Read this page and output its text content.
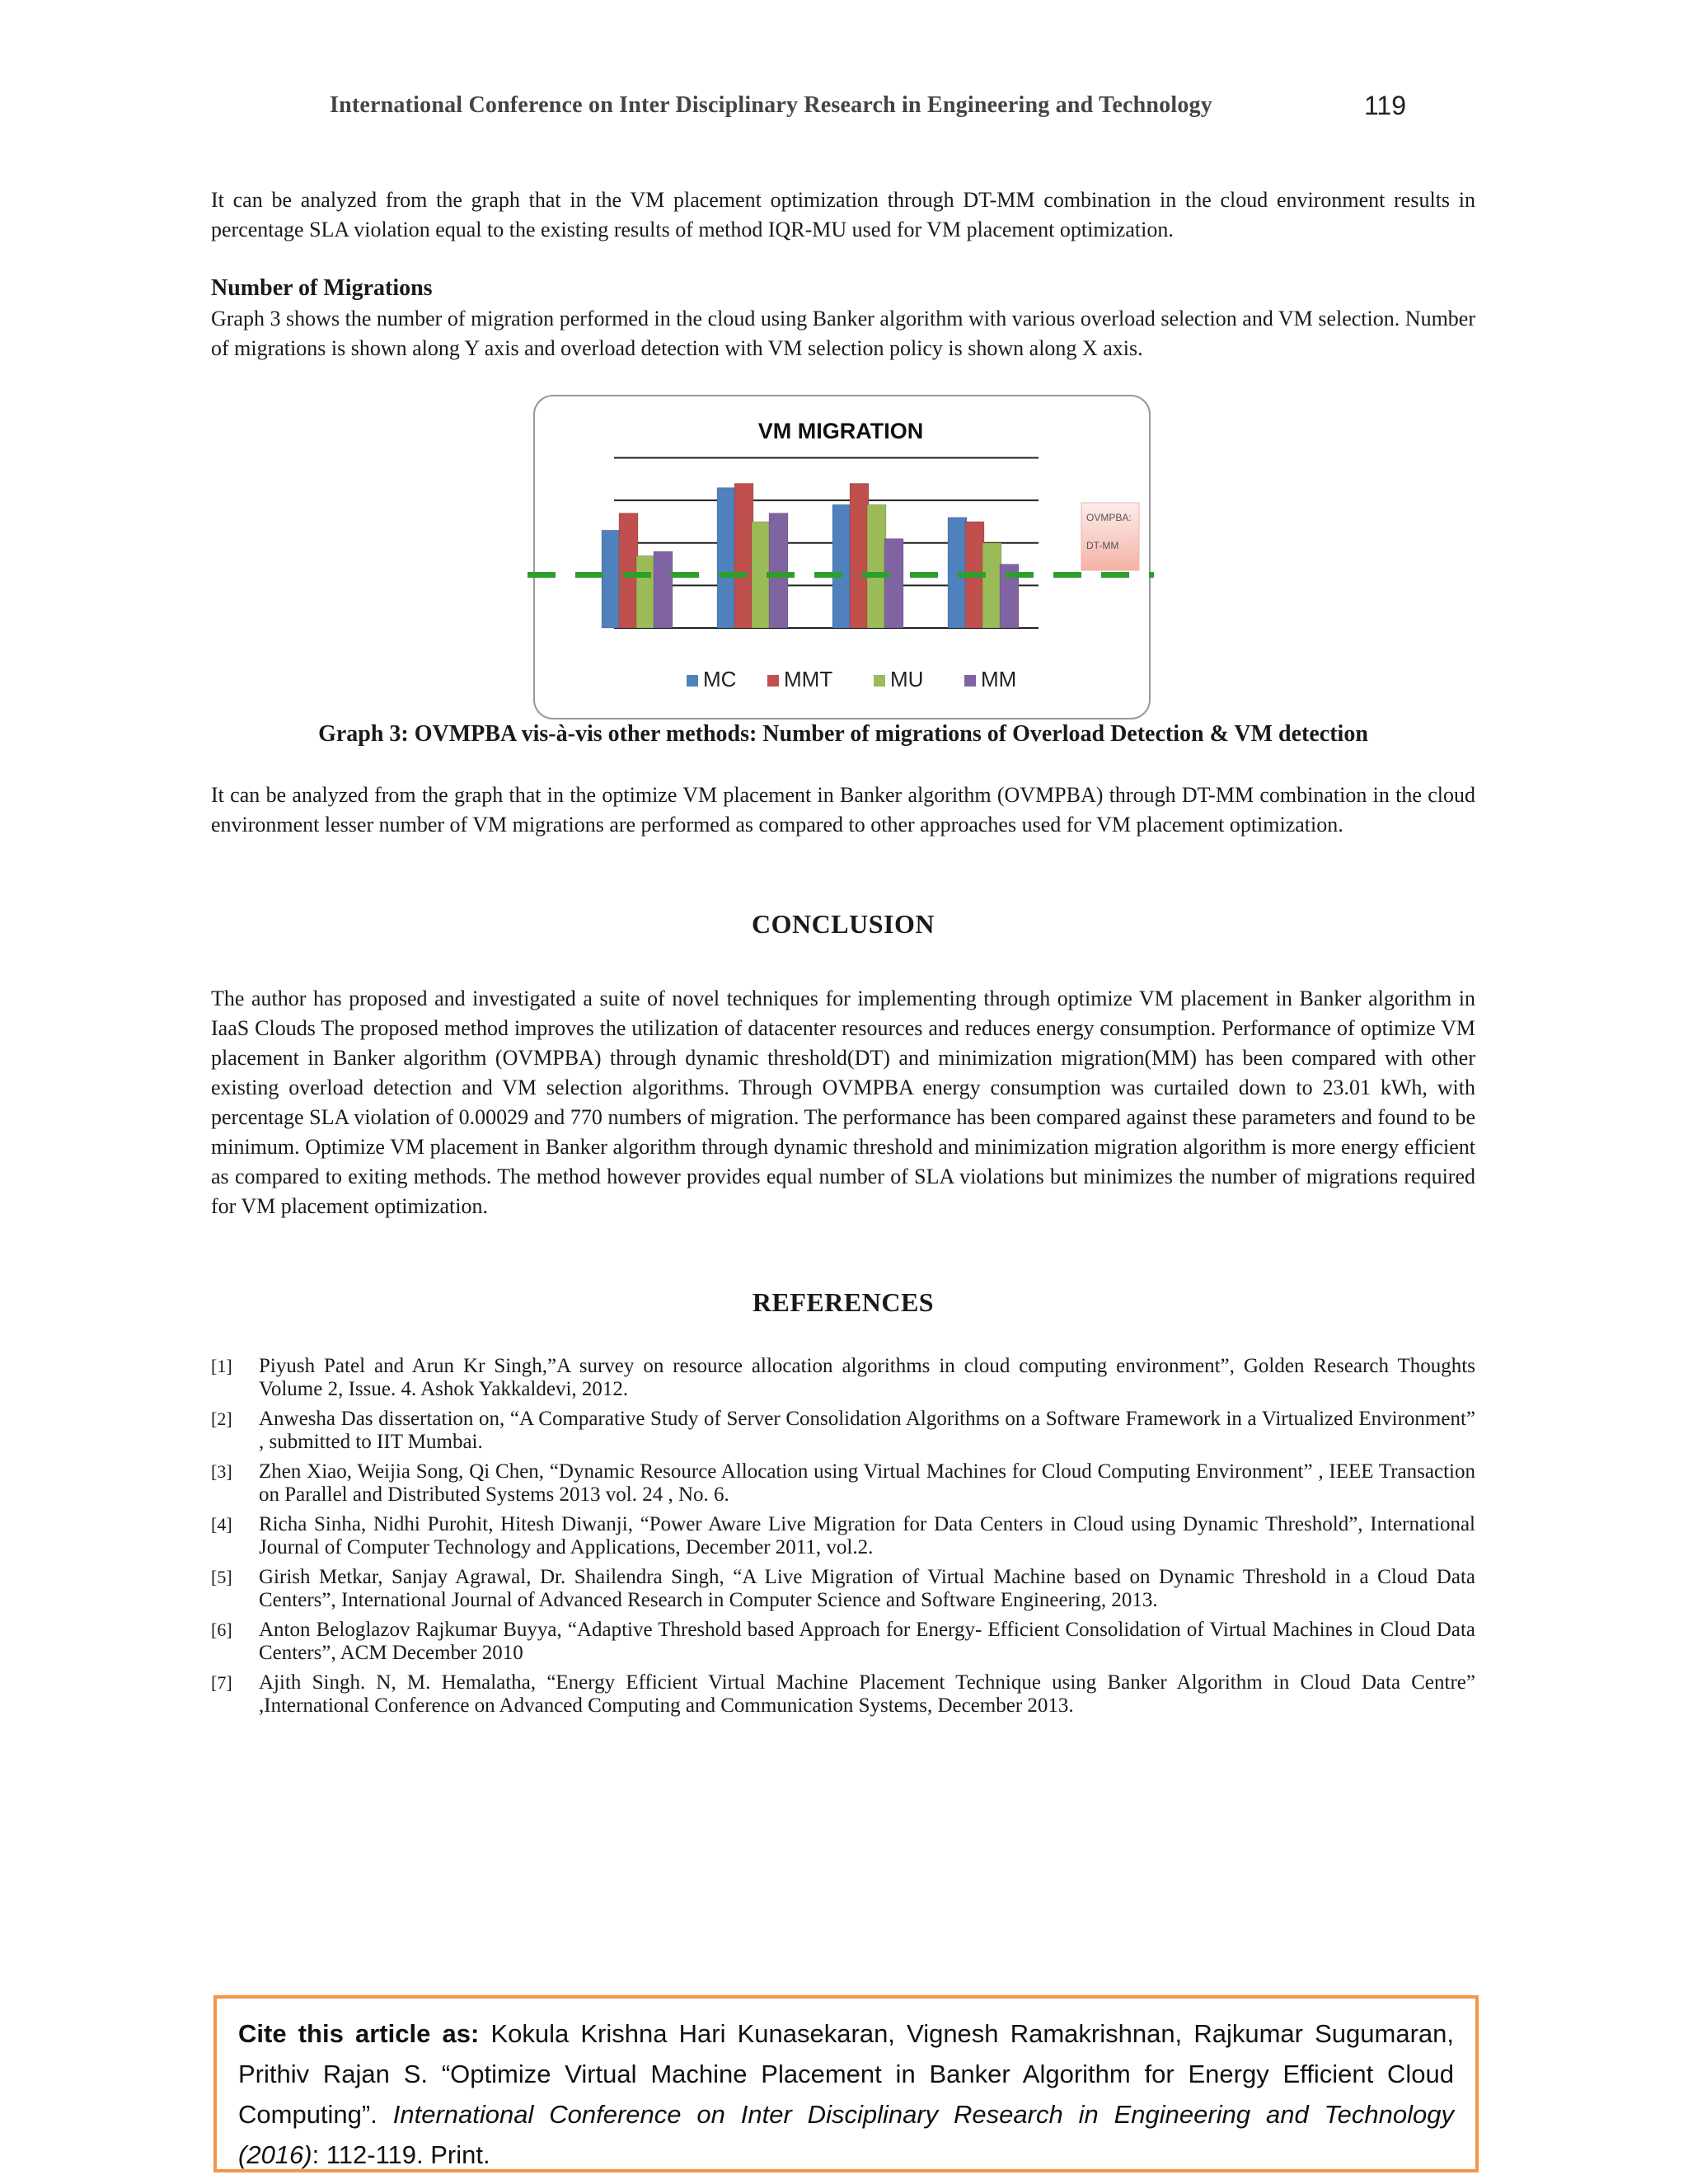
International Conference on Inter Disciplinary Research in Engineering and Technology	119

It can be analyzed from the graph that in the VM placement optimization through DT-MM combination in the cloud environment results in percentage SLA violation equal to the existing results of method IQR-MU used for VM placement optimization.

Number of Migrations

Graph 3 shows the number of migration performed in the cloud using Banker algorithm with various overload selection and VM selection. Number of migrations is shown along Y axis and overload detection with VM selection policy is shown along X axis.

VM MIGRATION
OVMPBA:
DT-MM
MC MMT	MU	MM
Graph 3: OVMPBA vis-à-vis other methods: Number of migrations of Overload Detection & VM detection

It can be analyzed from the graph that in the optimize VM placement in Banker algorithm (OVMPBA) through DT-MM combination in the cloud environment lesser number of VM migrations are performed as compared to other approaches used for VM placement optimization.

CONCLUSION

The author has proposed and investigated a suite of novel techniques for implementing through optimize VM placement in Banker algorithm in IaaS Clouds The proposed method improves the utilization of datacenter resources and reduces energy consumption. Performance of optimize VM placement in Banker algorithm (OVMPBA) through dynamic threshold(DT) and minimization migration(MM) has been compared with other existing overload detection and VM selection algorithms. Through OVMPBA energy consumption was curtailed down to 23.01 kWh, with percentage SLA violation of 0.00029 and 770 numbers of migration. The performance has been compared against these parameters and found to be minimum. Optimize VM placement in Banker algorithm through dynamic threshold and minimization migration algorithm is more energy efficient as compared to exiting methods. The method however provides equal number of SLA violations but minimizes the number of migrations required for VM placement optimization.

REFERENCES
[1]	Piyush Patel and Arun Kr Singh,”A survey on resource allocation algorithms in cloud computing environment”, Golden Research Thoughts Volume 2, Issue. 4. Ashok Yakkaldevi, 2012.
[2]	Anwesha Das dissertation on, “A Comparative Study of Server Consolidation Algorithms on a Software Framework in a Virtualized Environment” , submitted to IIT Mumbai.
[3]	Zhen Xiao, Weijia Song, Qi Chen, “Dynamic Resource Allocation using Virtual Machines for Cloud Computing Environment” , IEEE Transaction on Parallel and Distributed Systems 2013 vol. 24 , No. 6.
[4]	Richa Sinha, Nidhi Purohit, Hitesh Diwanji, “Power Aware Live Migration for Data Centers in Cloud using Dynamic Threshold”, International Journal of Computer Technology and Applications, December 2011, vol.2.
[5]	Girish Metkar, Sanjay Agrawal, Dr. Shailendra Singh, “A Live Migration of Virtual Machine based on Dynamic Threshold in a Cloud Data Centers”, International Journal of Advanced Research in Computer Science and Software Engineering, 2013.
[6]	Anton Beloglazov Rajkumar Buyya, “Adaptive Threshold based Approach for Energy- Efficient Consolidation of Virtual Machines in Cloud Data Centers”, ACM December 2010
[7]	Ajith Singh. N, M. Hemalatha, “Energy Efficient Virtual Machine Placement Technique using Banker Algorithm in Cloud Data Centre” ,International Conference on Advanced Computing and Communication Systems, December 2013.
Cite this article as: Kokula Krishna Hari Kunasekaran, Vignesh Ramakrishnan, Rajkumar Sugumaran, Prithiv Rajan S. “Optimize Virtual Machine Placement in Banker Algorithm for Energy Efficient Cloud Computing”. International Conference on Inter Disciplinary Research in Engineering and Technology (2016): 112-119. Print.
